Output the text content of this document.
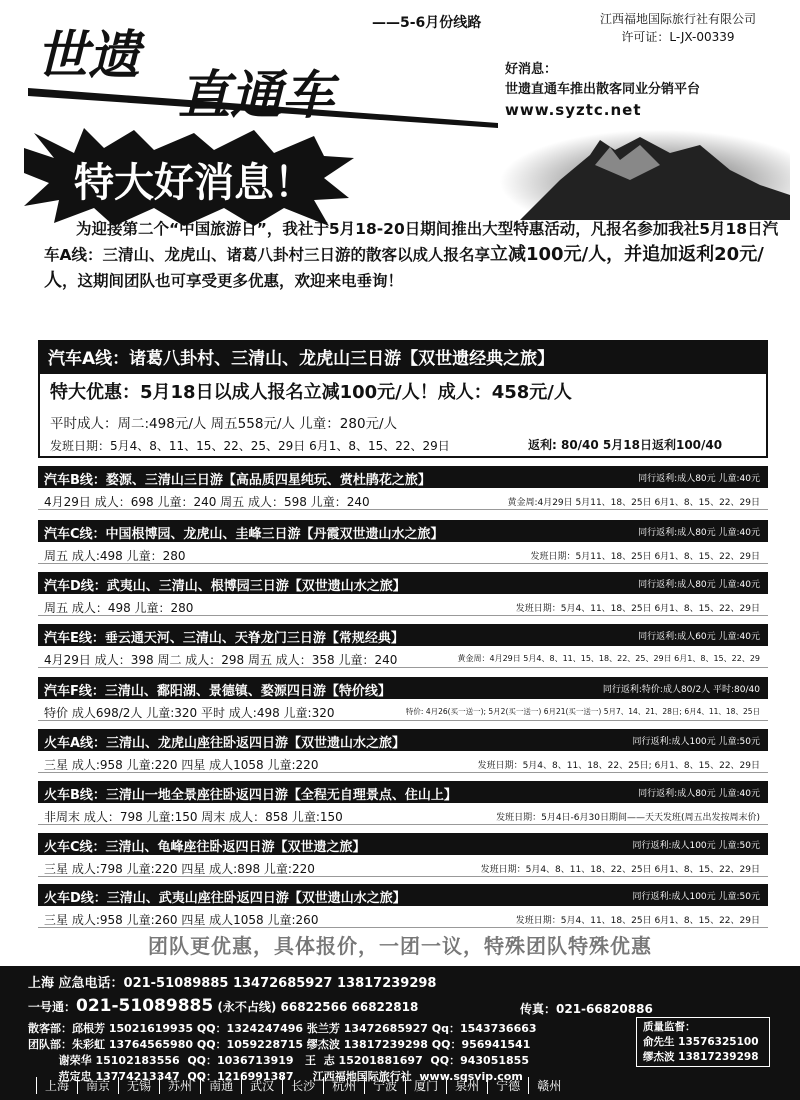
世遗
直通车
——5-6月份线路	江西福地国际旅行社有限公司
许可证：L-JX-00339
好消息：
世遗直通车推出散客同业分销平台
www.syztc.net
特大好消息！
为迎接第二个“中国旅游日”，我社于5月18-20日期间推出大型特惠活动，凡报名参加我社5月18日汽车A线：三清山、龙虎山、诸葛八卦村三日游的散客以成人报名享立减100元/人，并追加返利20元/人，这期间团队也可享受更多优惠，欢迎来电垂询！
汽车A线：诸葛八卦村、三清山、龙虎山三日游【双世遗经典之旅】
特大优惠：5月18日以成人报名立减100元/人！成人：458元/人
平时成人：周二:498元/人 周五558元/人 儿童：280元/人
发班日期：5月4、8、11、15、22、25、29日 6月1、8、15、22、29日	返利: 80/40 5月18日返利100/40
汽车B线：婺源、三清山三日游【高品质四星纯玩、赏杜鹃花之旅】	同行返利:成人80元 儿童:40元
4月29日 成人：698 儿童：240 周五 成人：598 儿童：240	黄金周:4月29日 5月11、18、25日 6月1、8、15、22、29日
汽车C线：中国根博园、龙虎山、圭峰三日游【丹霞双世遗山水之旅】	同行返利:成人80元 儿童:40元
周五 成人:498 儿童：280	发班日期：5月11、18、25日 6月1、8、15、22、29日
汽车D线：武夷山、三清山、根博园三日游【双世遗山水之旅】	同行返利:成人80元 儿童:40元
周五 成人：498 儿童：280	发班日期：5月4、11、18、25日 6月1、8、15、22、29日
汽车E线：垂云通天河、三清山、天脊龙门三日游【常规经典】	同行返利:成人60元 儿童:40元
4月29日 成人：398 周二 成人：298 周五 成人：358 儿童：240	黄金周：4月29日 5月4、8、11、15、18、22、25、29日 6月1、8、15、22、29
汽车F线：三清山、鄱阳湖、景德镇、婺源四日游【特价线】	同行返利:特价:成人80/2人 平时:80/40
特价 成人698/2人 儿童:320 平时 成人:498 儿童:320	特价: 4月26(买一送一); 5月2(买一送一) 6月21(买一送一) 5月7、14、21、28日; 6月4、11、18、25日
火车A线：三清山、龙虎山座往卧返四日游【双世遗山水之旅】	同行返利:成人100元 儿童:50元
三星 成人:958 儿童:220 四星 成人1058 儿童:220	发班日期：5月4、8、11、18、22、25日; 6月1、8、15、22、29日
火车B线：三清山一地全景座往卧返四日游【全程无自理景点、住山上】	同行返利:成人80元 儿童:40元
非周末 成人：798 儿童:150 周末 成人：858 儿童:150	发班日期：5月4日-6月30日期间——天天发班(周五出发按周末价)
火车C线：三清山、龟峰座往卧返四日游【双世遗之旅】	同行返利:成人100元 儿童:50元
三星 成人:798 儿童:220 四星 成人:898 儿童:220	发班日期：5月4、8、11、18、22、25日 6月1、8、15、22、29日
火车D线：三清山、武夷山座往卧返四日游【双世遗山水之旅】	同行返利:成人100元 儿童:50元
三星 成人:958 儿童:260 四星 成人1058 儿童:260	发班日期：5月4、11、18、25日 6月1、8、15、22、29日
团队更优惠，具体报价，一团一议，特殊团队特殊优惠
上海 应急电话：021-51089885 13472685927 13817239298
一号通：021-51089885 (永不占线) 66822566 66822818	传真：021-66820886
散客部：邱根芳 15021619935 QQ：1324247496 张兰芳 13472685927 Qq：1543736663
团队部：朱彩虹 13764565980 QQ：1059228715 缪杰波 13817239298 QQ：956941541
谢荣华 15102183556  QQ：1036713919   王  志 15201881697  QQ：943051855
范定忠 13774213347  QQ：1216991387     江西福地国际旅行社  www.sqsvip.com
质量监督：
俞先生 13576325100
缪杰波 13817239298
上海	南京	无锡	苏州	南通	武汉	长沙	杭州	宁波	厦门	泉州	宁德	赣州
